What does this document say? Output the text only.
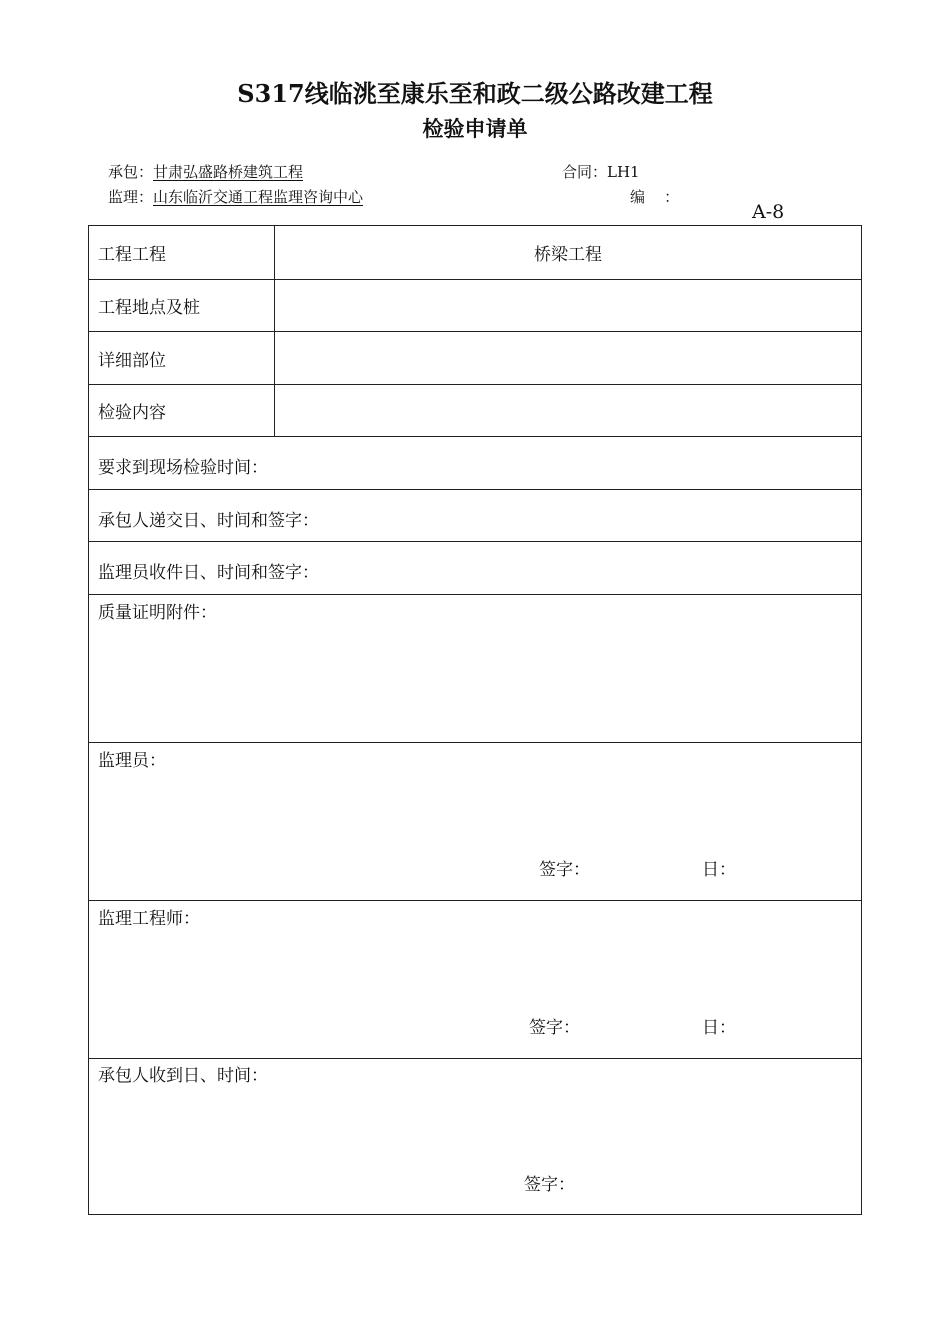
S317线临洮至康乐至和政二级公路改建工程
检验申请单
承包：甘肃弘盛路桥建筑工程	合同：LH1
监理：山东临沂交通工程监理咨询中心	编    ：
A-8
工程工程	桥梁工程
工程地点及桩
详细部位
检验内容
要求到现场检验时间：
承包人递交日、时间和签字：
监理员收件日、时间和签字：
质量证明附件：
监理员：
签字：	日：
监理工程师：
签字：	日：
承包人收到日、时间：
签字：
